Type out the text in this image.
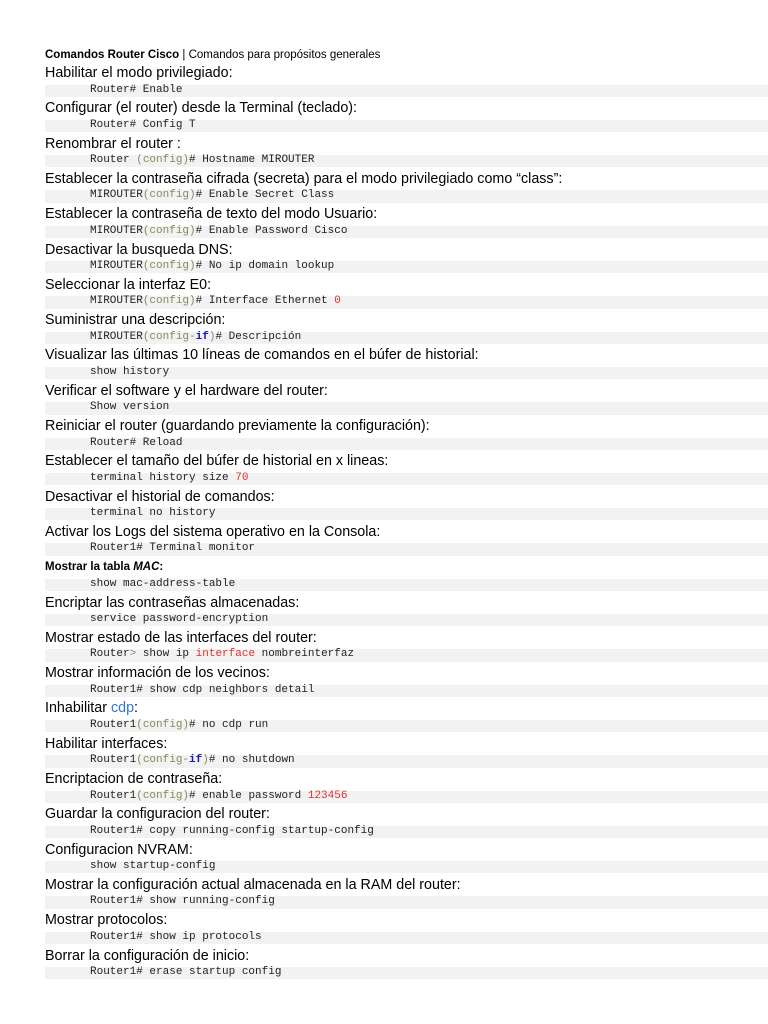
Comandos Router Cisco | Comandos para propósitos generales
Habilitar el modo privilegiado:
Router# Enable
Configurar (el router) desde la Terminal (teclado):
Router# Config T
Renombrar el router :
Router (config)# Hostname MIROUTER
Establecer la contraseña cifrada (secreta) para el modo privilegiado como “class”:
MIROUTER(config)# Enable Secret Class
Establecer la contraseña de texto del modo Usuario:
MIROUTER(config)# Enable Password Cisco
Desactivar la busqueda DNS:
MIROUTER(config)# No ip domain lookup
Seleccionar la interfaz E0:
MIROUTER(config)# Interface Ethernet 0
Suministrar una descripción:
MIROUTER(config-if)# Descripción
Visualizar las últimas 10 líneas de comandos en el búfer de historial:
show history
Verificar el software y el hardware del router:
Show version
Reiniciar el router (guardando previamente la configuración):
Router# Reload
Establecer el tamaño del búfer de historial en x lineas:
terminal history size 70
Desactivar el historial de comandos:
terminal no history
Activar los Logs del sistema operativo en la Consola:
Router1# Terminal monitor
Mostrar la tabla MAC:
show mac-address-table
Encriptar las contraseñas almacenadas:
service password-encryption
Mostrar estado de las interfaces del router:
Router> show ip interface nombreinterfaz
Mostrar información de los vecinos:
Router1# show cdp neighbors detail
Inhabilitar cdp:
Router1(config)# no cdp run
Habilitar interfaces:
Router1(config-if)# no shutdown
Encriptacion de contraseña:
Router1(config)# enable password 123456
Guardar la configuracion del router:
Router1# copy running-config startup-config
Configuracion NVRAM:
show startup-config
Mostrar la configuración actual almacenada en la RAM del router:
Router1# show running-config
Mostrar protocolos:
Router1# show ip protocols
Borrar la configuración de inicio:
Router1# erase startup config
